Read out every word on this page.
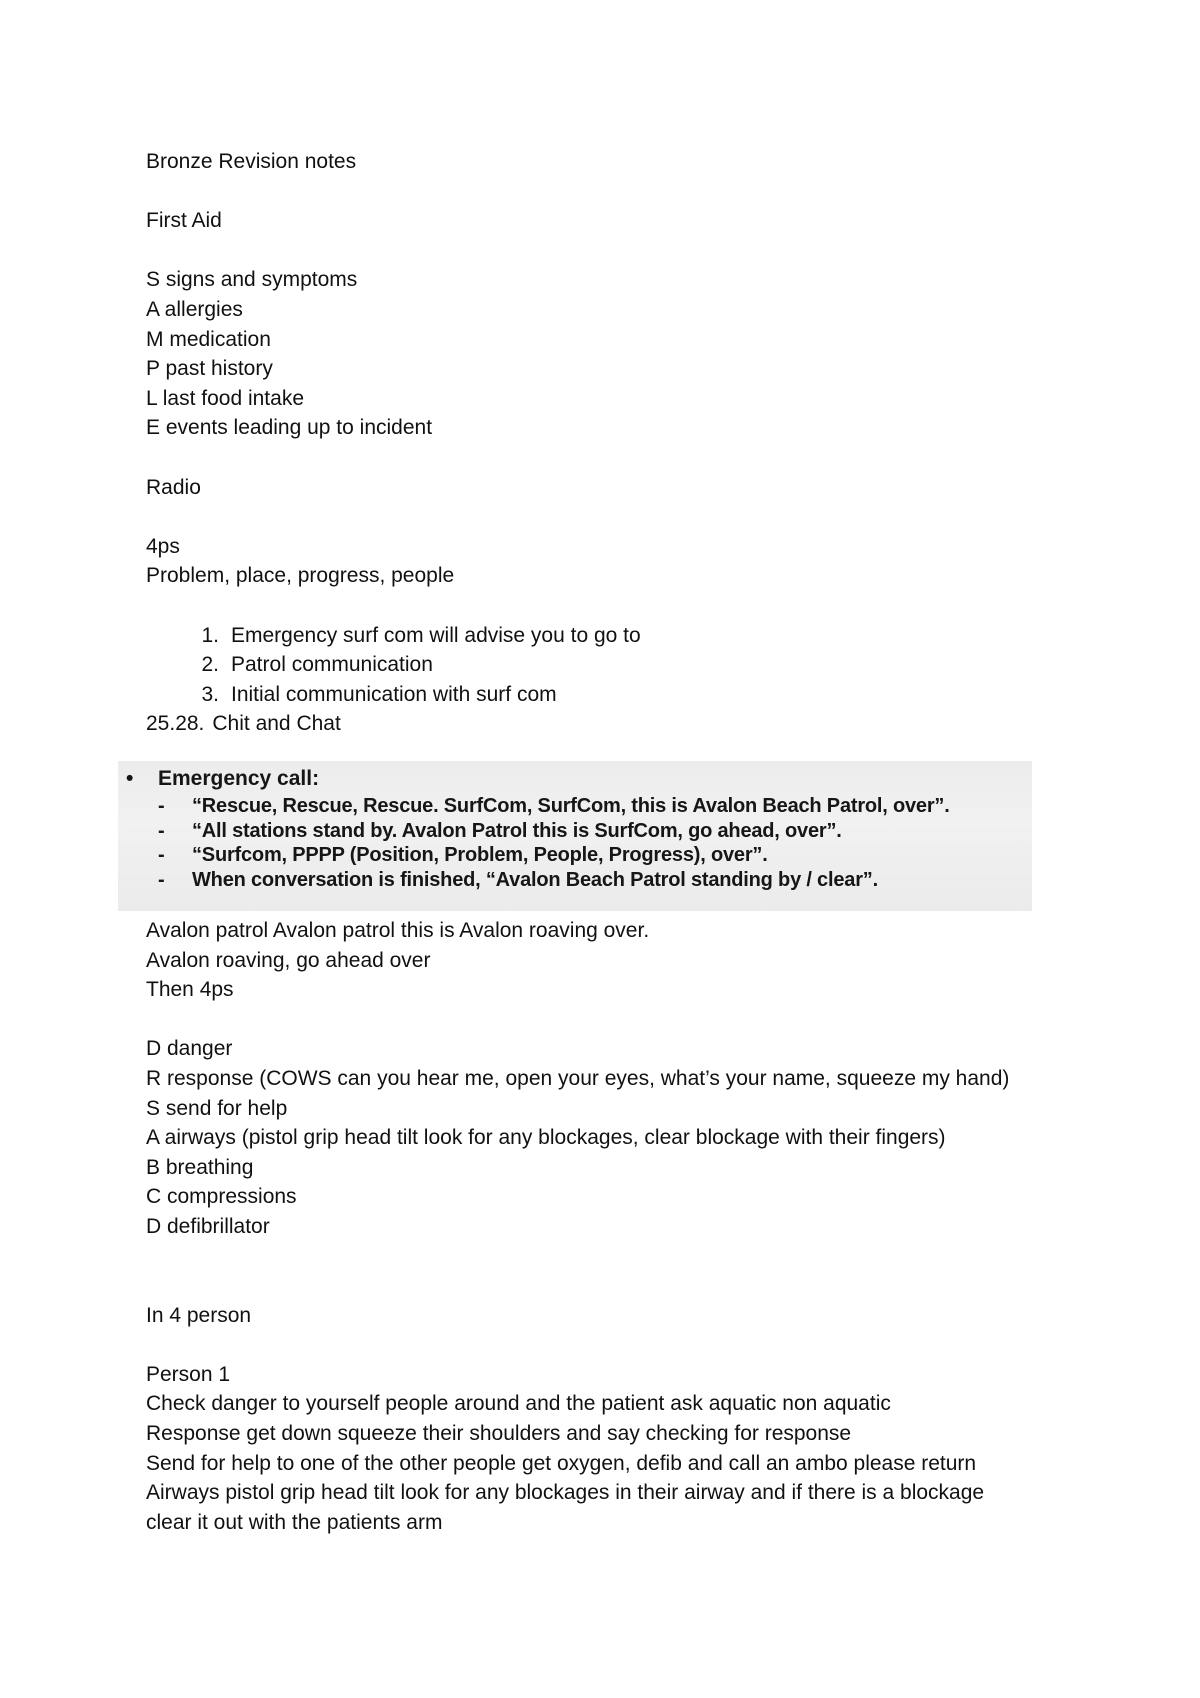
Bronze Revision notes
First Aid
S signs and symptoms
A allergies
M medication
P past history
L last food intake
E events leading up to incident
Radio
4ps
Problem, place, progress, people
1. Emergency surf com will advise you to go to
2. Patrol communication
3. Initial communication with surf com
25.28. Chit and Chat
• Emergency call:
- “Rescue, Rescue, Rescue. SurfCom, SurfCom, this is Avalon Beach Patrol, over”.
- “All stations stand by. Avalon Patrol this is SurfCom, go ahead, over”.
- “Surfcom, PPPP (Position, Problem, People, Progress), over”.
- When conversation is finished, “Avalon Beach Patrol standing by / clear”.
Avalon patrol Avalon patrol this is Avalon roaving over.
Avalon roaving, go ahead over
Then 4ps
D danger
R response (COWS can you hear me, open your eyes, what’s your name, squeeze my hand)
S send for help
A airways (pistol grip head tilt look for any blockages, clear blockage with their fingers)
B breathing
C compressions
D defibrillator
In 4 person
Person 1
Check danger to yourself people around and the patient ask aquatic non aquatic
Response get down squeeze their shoulders and say checking for response
Send for help to one of the other people get oxygen, defib and call an ambo please return
Airways pistol grip head tilt look for any blockages in their airway and if there is a blockage
clear it out with the patients arm
